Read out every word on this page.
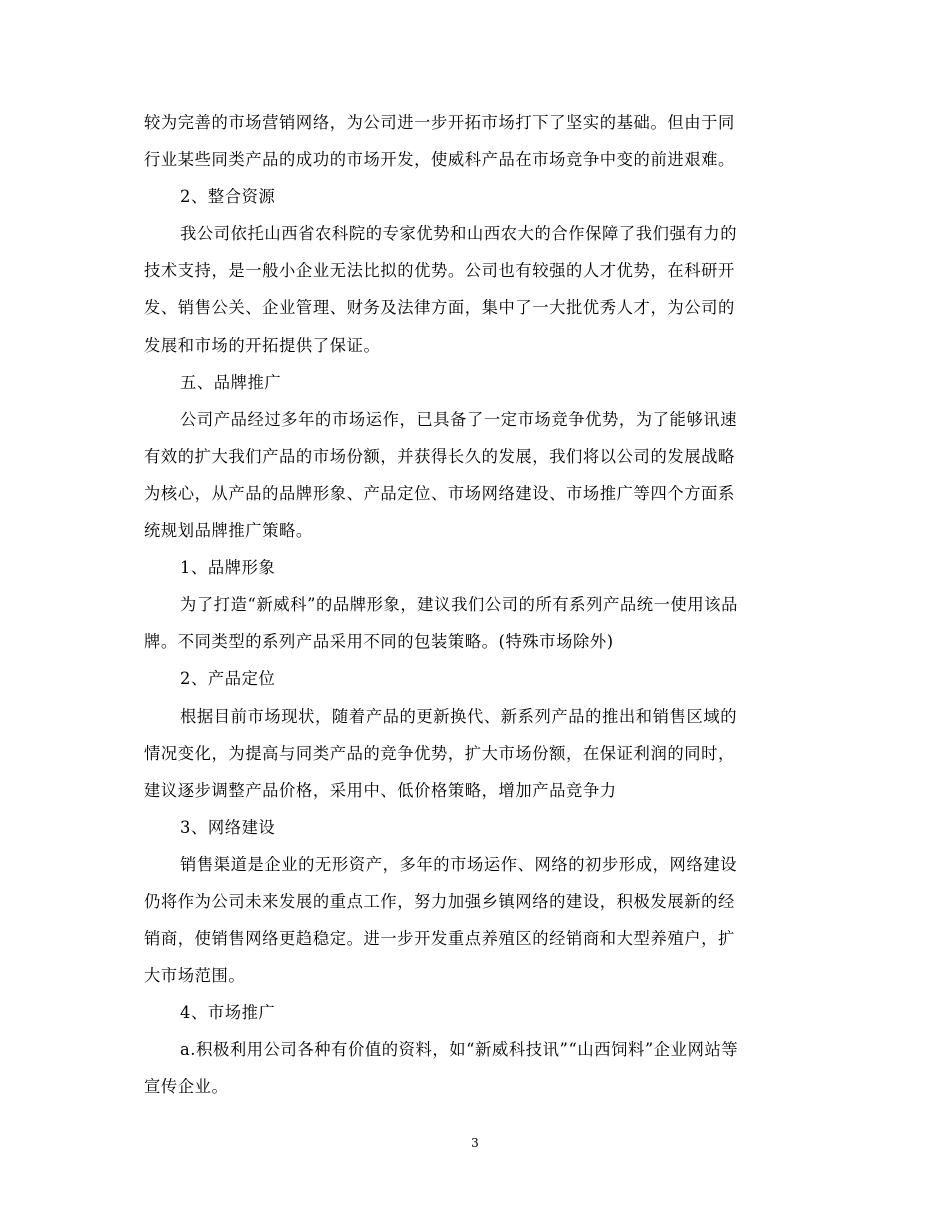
较为完善的市场营销网络，为公司进一步开拓市场打下了坚实的基础。但由于同
行业某些同类产品的成功的市场开发，使威科产品在市场竞争中变的前进艰难。
2、整合资源
我公司依托山西省农科院的专家优势和山西农大的合作保障了我们强有力的
技术支持，是一般小企业无法比拟的优势。公司也有较强的人才优势，在科研开
发、销售公关、企业管理、财务及法律方面，集中了一大批优秀人才，为公司的
发展和市场的开拓提供了保证。
五、品牌推广
公司产品经过多年的市场运作，已具备了一定市场竞争优势，为了能够讯速
有效的扩大我们产品的市场份额，并获得长久的发展，我们将以公司的发展战略
为核心，从产品的品牌形象、产品定位、市场网络建设、市场推广等四个方面系
统规划品牌推广策略。
1、品牌形象
为了打造“新威科”的品牌形象，建议我们公司的所有系列产品统一使用该品
牌。不同类型的系列产品采用不同的包装策略。(特殊市场除外)
2、产品定位
根据目前市场现状，随着产品的更新换代、新系列产品的推出和销售区域的
情况变化，为提高与同类产品的竞争优势，扩大市场份额，在保证利润的同时，
建议逐步调整产品价格，采用中、低价格策略，增加产品竞争力
3、网络建设
销售渠道是企业的无形资产，多年的市场运作、网络的初步形成，网络建设
仍将作为公司未来发展的重点工作，努力加强乡镇网络的建设，积极发展新的经
销商，使销售网络更趋稳定。进一步开发重点养殖区的经销商和大型养殖户，扩
大市场范围。
4、市场推广
a.积极利用公司各种有价值的资料，如“新威科技讯”“山西饲料”企业网站等
宣传企业。
3
